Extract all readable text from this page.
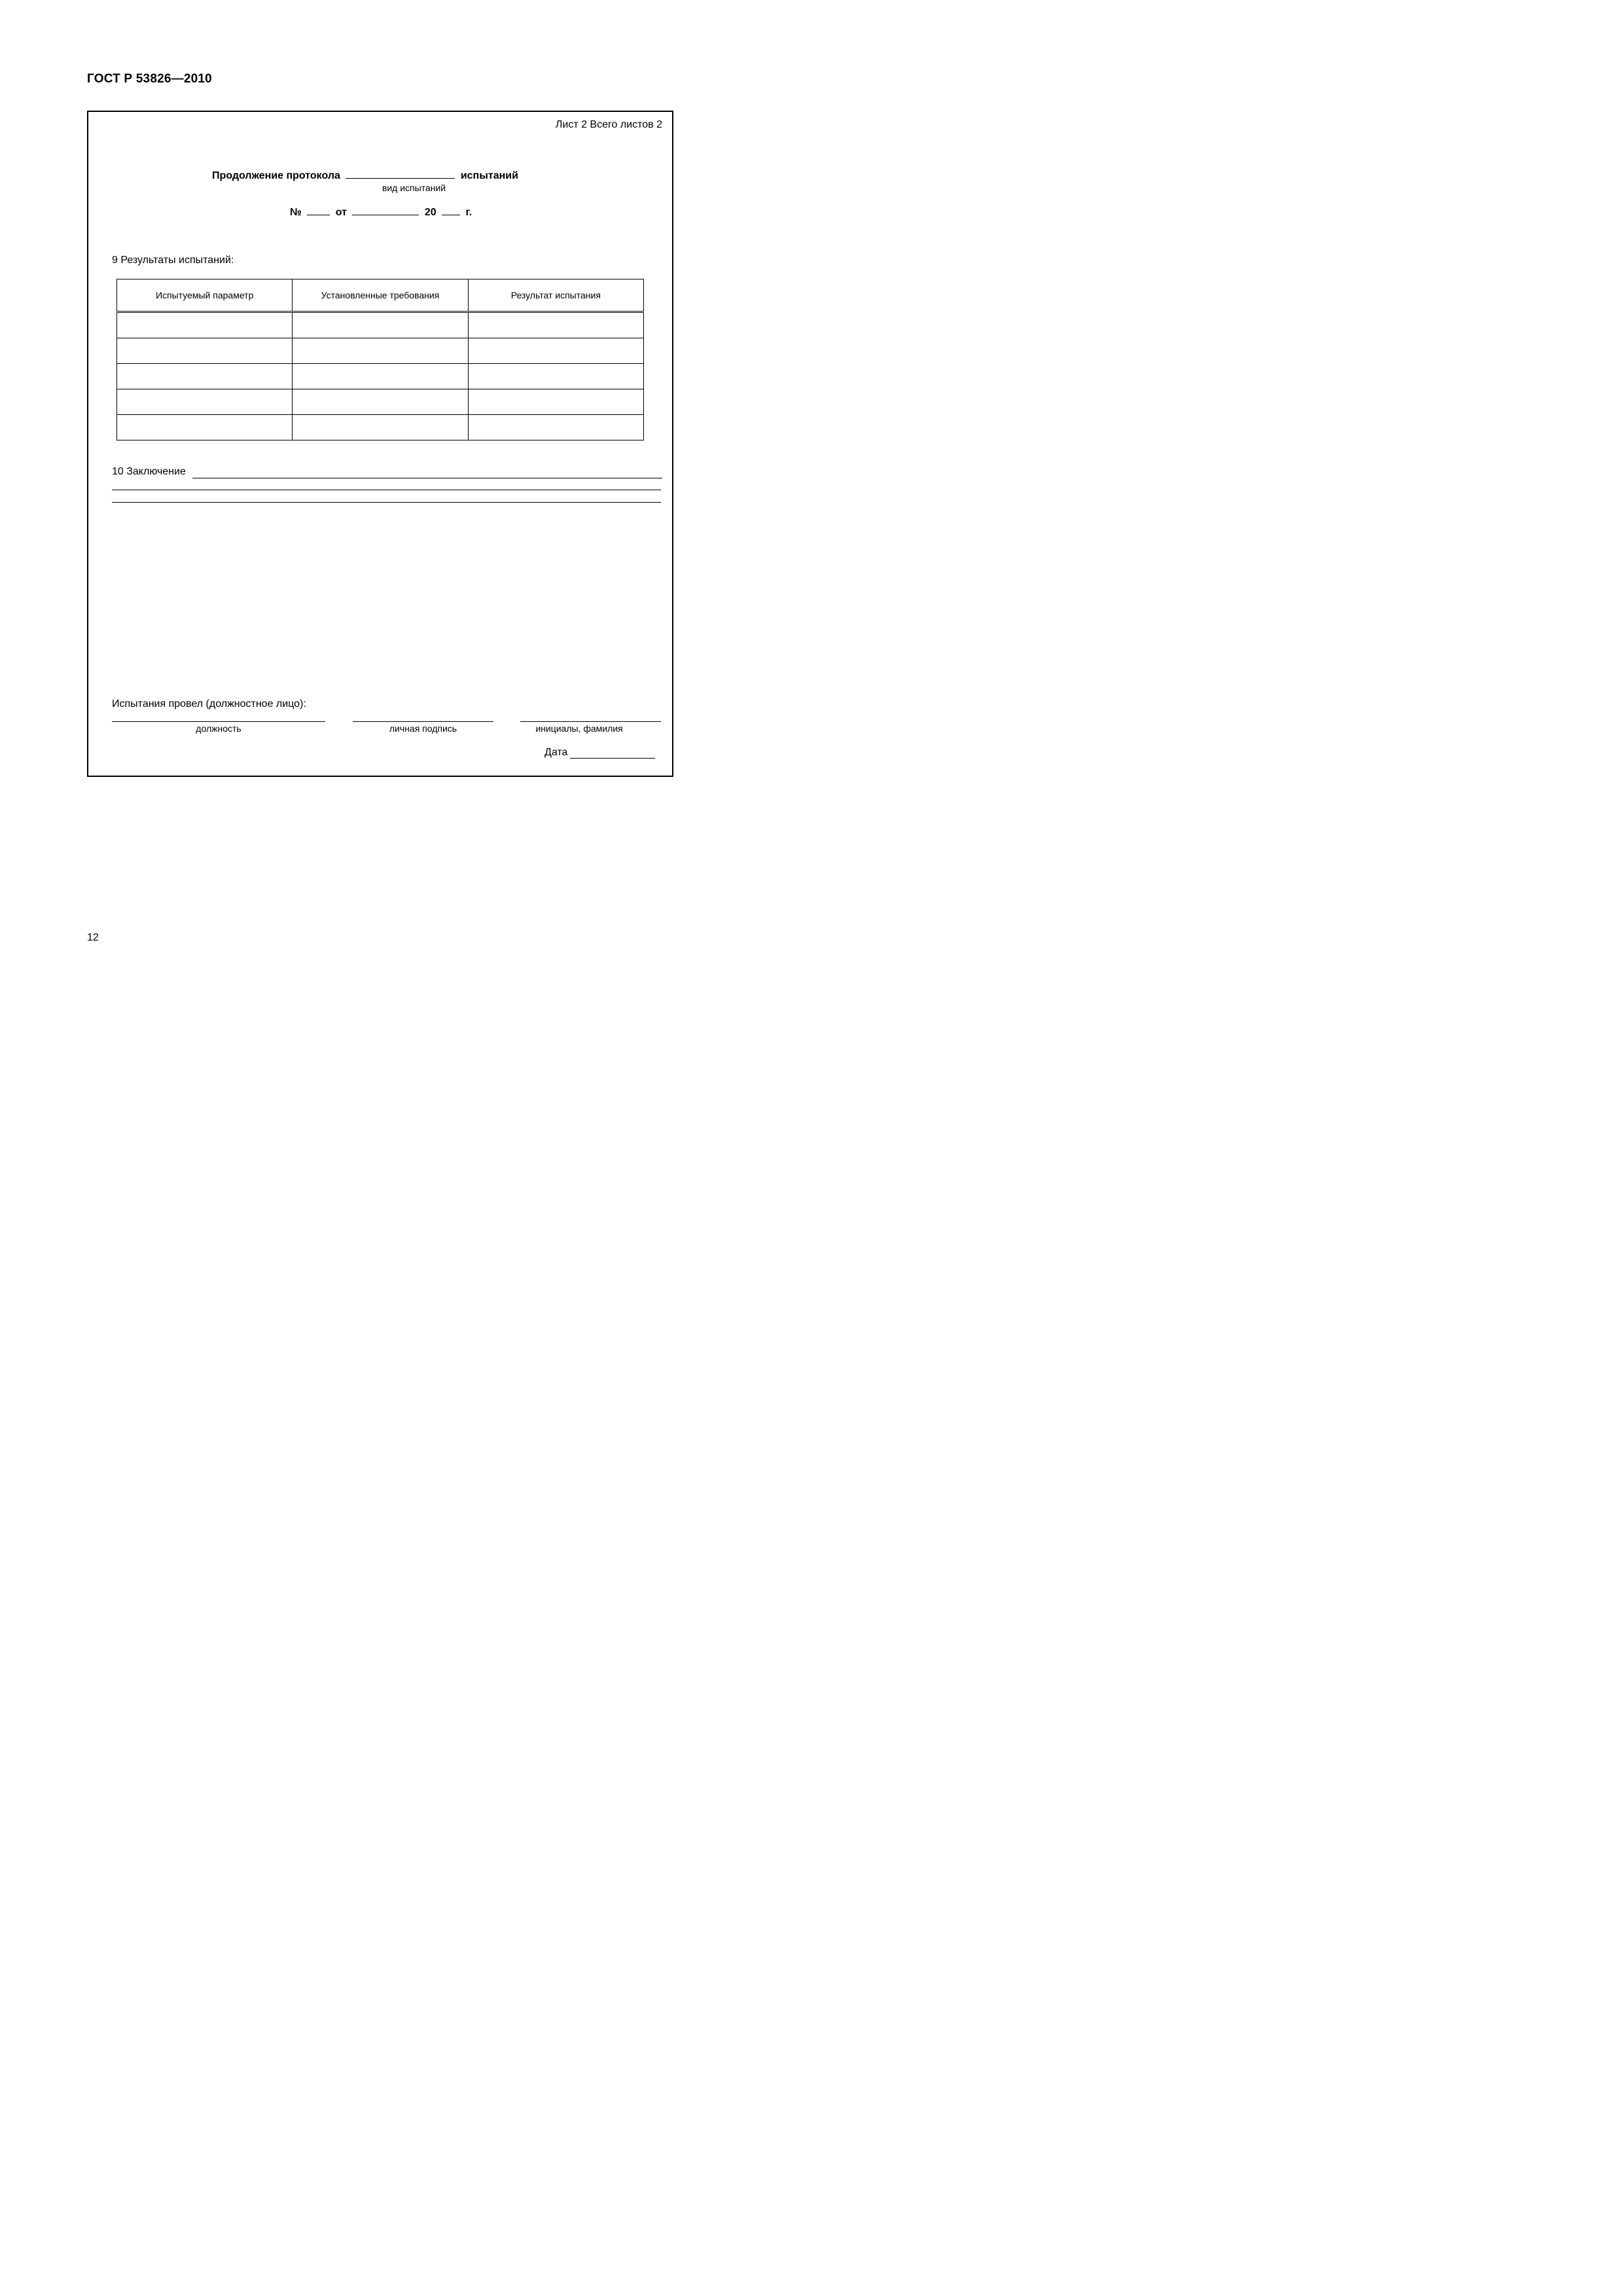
ГОСТ Р 53826—2010
Лист 2 Всего листов 2
Продолжение протокола	испытаний
вид испытаний
№	от	20	г.
9 Результаты испытаний:
Испытуемый параметр	Установленные требования	Результат испытания

10 Заключение
Испытания провел (должностное лицо):
должность	личная подпись	инициалы, фамилия
Дата
12
